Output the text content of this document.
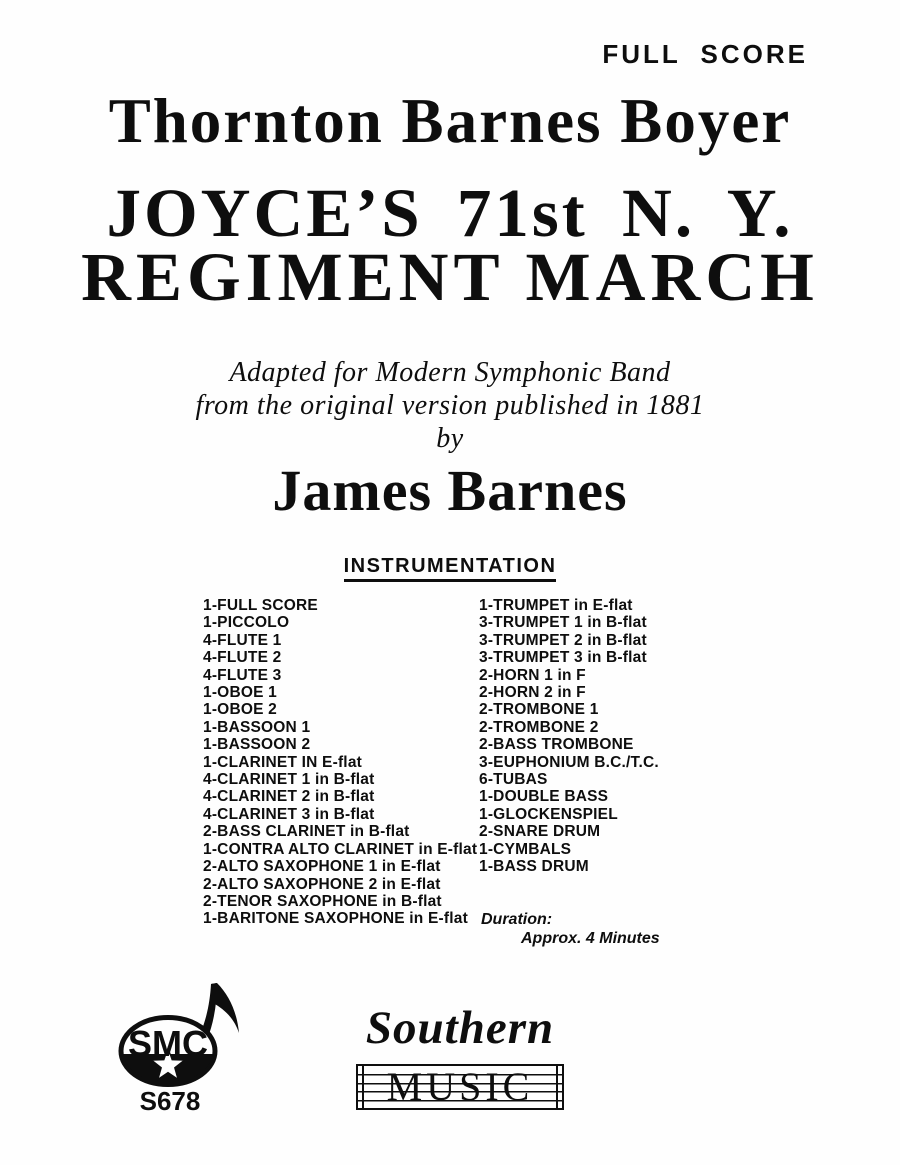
FULL SCORE
Thornton Barnes Boyer
JOYCE’S 71st N. Y.
REGIMENT MARCH
Adapted for Modern Symphonic Band
from the original version published in 1881
by
James Barnes
INSTRUMENTATION
1-FULL SCORE
1-PICCOLO
4-FLUTE 1
4-FLUTE 2
4-FLUTE 3
1-OBOE 1
1-OBOE 2
1-BASSOON 1
1-BASSOON 2
1-CLARINET IN E-flat
4-CLARINET 1 in B-flat
4-CLARINET 2 in B-flat
4-CLARINET 3 in B-flat
2-BASS CLARINET in B-flat
1-CONTRA ALTO CLARINET in E-flat
2-ALTO SAXOPHONE 1 in E-flat
2-ALTO SAXOPHONE 2 in E-flat
2-TENOR SAXOPHONE in B-flat
1-BARITONE SAXOPHONE in E-flat
1-TRUMPET in E-flat
3-TRUMPET 1 in B-flat
3-TRUMPET 2 in B-flat
3-TRUMPET 3 in B-flat
2-HORN 1 in F
2-HORN 2 in F
2-TROMBONE 1
2-TROMBONE 2
2-BASS TROMBONE
3-EUPHONIUM B.C./T.C.
6-TUBAS
1-DOUBLE BASS
1-GLOCKENSPIEL
2-SNARE DRUM
1-CYMBALS
1-BASS DRUM
Duration:
Approx. 4 Minutes
SMC
S678
Southern
MUSIC
